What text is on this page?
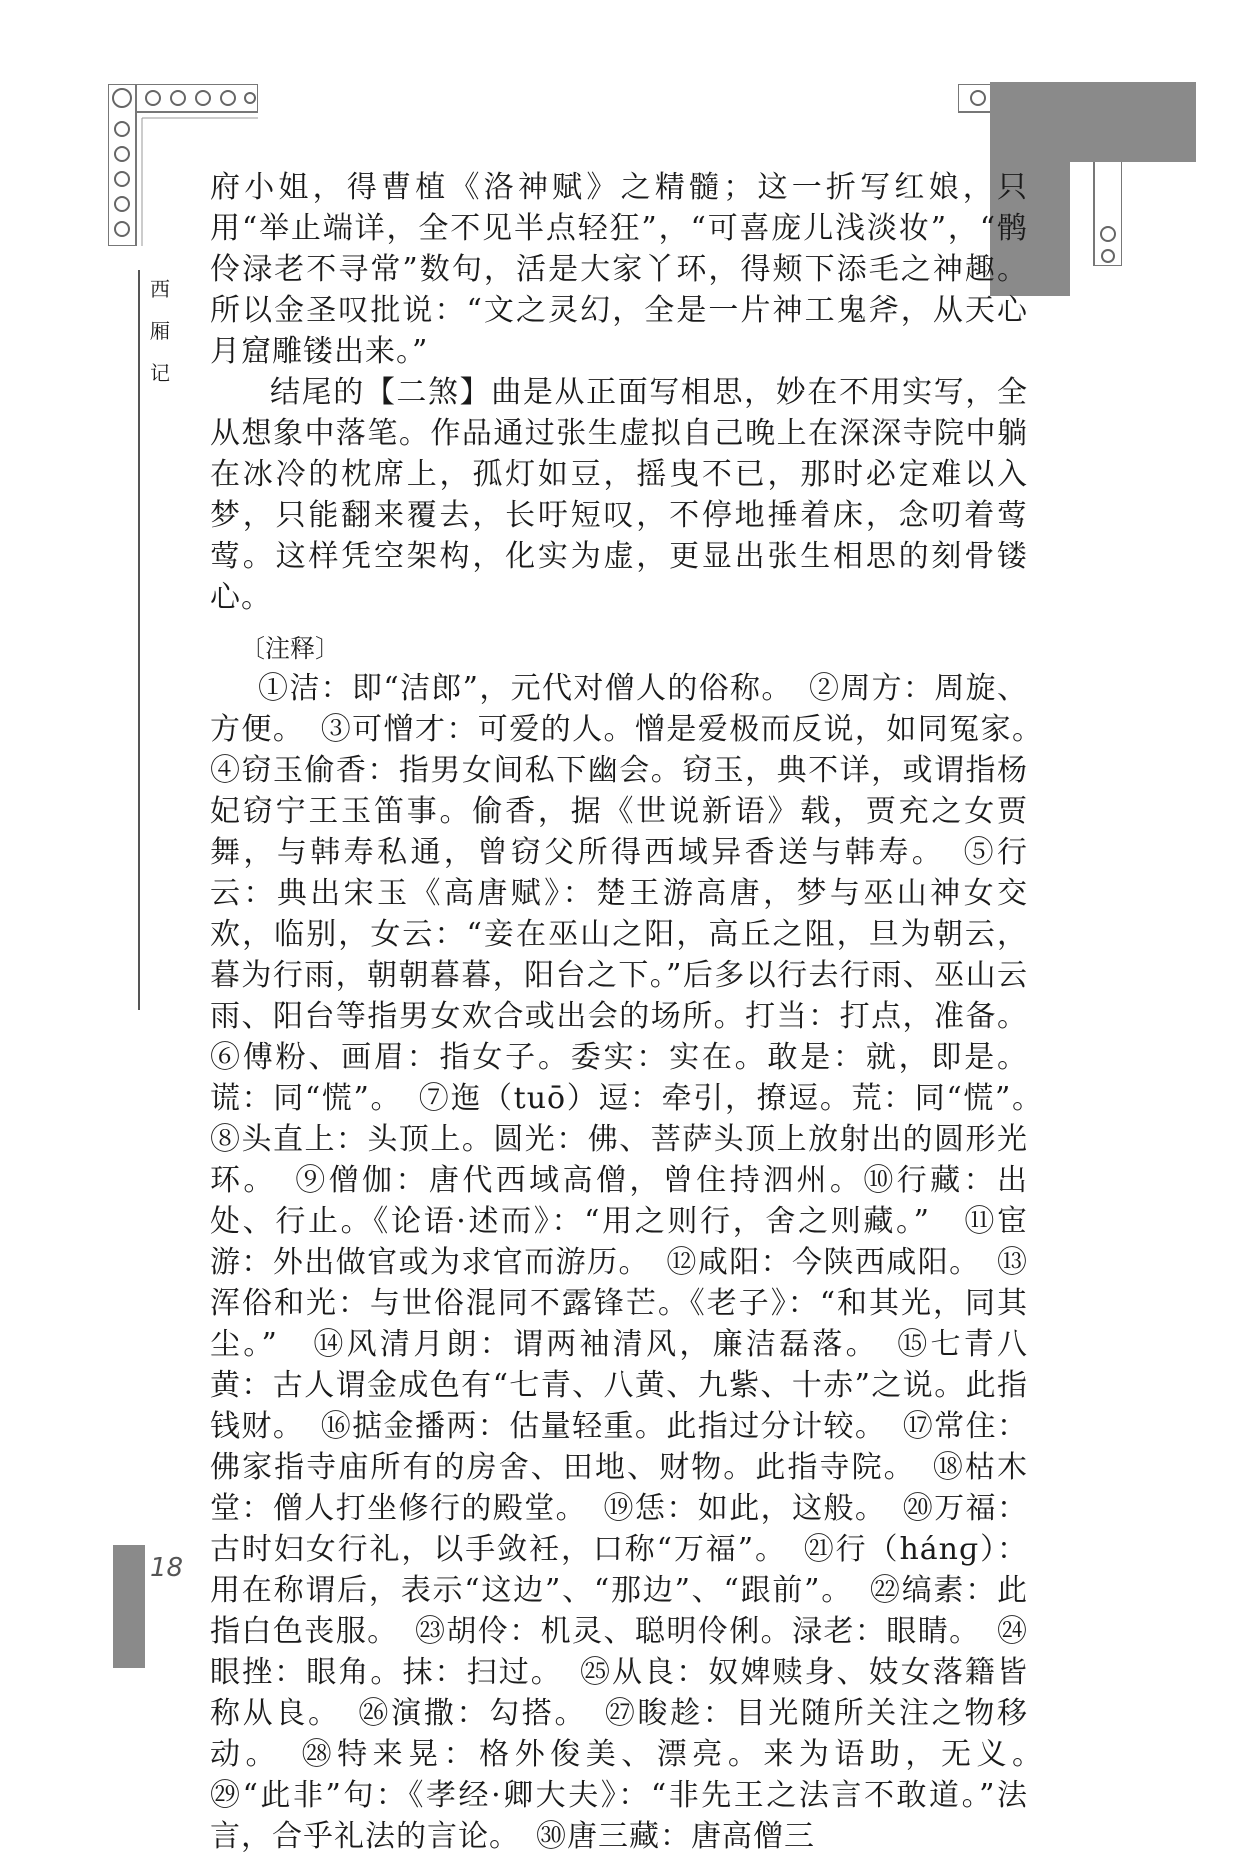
西
厢
记

府小姐，得曹植《洛神赋》之精髓；这一折写红娘，只用“举止端详，全不见半点轻狂”，“可喜庞儿浅淡妆”，“鹘伶渌老不寻常”数句，活是大家丫环，得颊下添毛之神趣。所以金圣叹批说：“文之灵幻，全是一片神工鬼斧，从天心月窟雕镂出来。”

结尾的【二煞】曲是从正面写相思，妙在不用实写，全从想象中落笔。作品通过张生虚拟自己晚上在深深寺院中躺在冰冷的枕席上，孤灯如豆，摇曳不已，那时必定难以入梦，只能翻来覆去，长吁短叹，不停地捶着床，念叨着莺莺。这样凭空架构，化实为虚，更显出张生相思的刻骨镂心。

〔注释〕

①洁：即“洁郎”，元代对僧人的俗称。　②周方：周旋、方便。　③可憎才：可爱的人。憎是爱极而反说，如同冤家。　④窃玉偷香：指男女间私下幽会。窃玉，典不详，或谓指杨妃窃宁王玉笛事。偷香，据《世说新语》载，贾充之女贾舞，与韩寿私通，曾窃父所得西域异香送与韩寿。　⑤行云：典出宋玉《高唐赋》：楚王游高唐，梦与巫山神女交欢，临别，女云：“妾在巫山之阳，高丘之阻，旦为朝云，暮为行雨，朝朝暮暮，阳台之下。”后多以行去行雨、巫山云雨、阳台等指男女欢合或出会的场所。打当：打点，准备。⑥傅粉、画眉：指女子。委实：实在。敢是：就，即是。谎：同“慌”。　⑦迤（tuō）逗：牵引，撩逗。荒：同“慌”。　⑧头直上：头顶上。圆光：佛、菩萨头顶上放射出的圆形光环。　⑨僧伽：唐代西域高僧，曾住持泗州。⑩行藏：出处、行止。《论语·述而》：“用之则行，舍之则藏。”　⑪宦游：外出做官或为求官而游历。　⑫咸阳：今陕西咸阳。　⑬浑俗和光：与世俗混同不露锋芒。《老子》：“和其光，同其尘。”　⑭风清月朗：谓两袖清风，廉洁磊落。　⑮七青八黄：古人谓金成色有“七青、八黄、九紫、十赤”之说。此指钱财。　⑯掂金播两：估量轻重。此指过分计较。　⑰常住：佛家指寺庙所有的房舍、田地、财物。此指寺院。　⑱枯木堂：僧人打坐修行的殿堂。　⑲恁：如此，这般。　⑳万福：古时妇女行礼，以手敛衽，口称“万福”。　㉑行（hánɡ）：用在称谓后，表示“这边”、“那边”、“跟前”。　㉒缟素：此指白色丧服。　㉓胡伶：机灵、聪明伶俐。渌老：眼睛。　㉔眼挫：眼角。抹：扫过。　㉕从良：奴婢赎身、妓女落籍皆称从良。　㉖演撒：勾搭。　㉗睃趁：目光随所关注之物移动。　㉘特来晃：格外俊美、漂亮。来为语助，无义。　㉙“此非”句：《孝经·卿大夫》：“非先王之法言不敢道。”法言，合乎礼法的言论。　㉚唐三藏：唐高僧三

18
